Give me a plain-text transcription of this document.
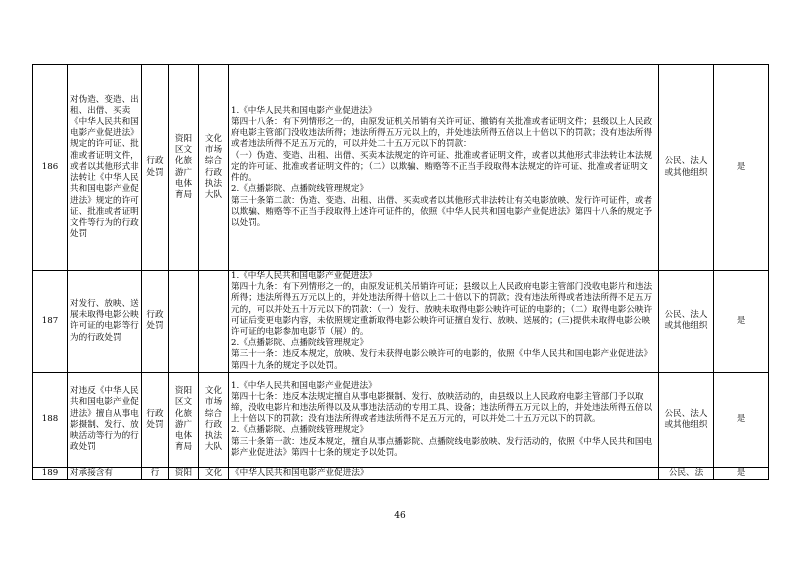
186	对伪造、变造、出租、出借、买卖《中华人民共和国电影产业促进法》规定的许可证、批准或者证明文件，或者以其他形式非法转让《中华人民共和国电影产业促进法》规定的许可证、批准或者证明文件等行为的行政处罚	行政处罚	资阳区文化旅游广电体育局	文化市场综合行政执法大队	1.《中华人民共和国电影产业促进法》
第四十八条：有下列情形之一的，由原发证机关吊销有关许可证、撤销有关批准或者证明文件；县级以上人民政府电影主管部门没收违法所得；违法所得五万元以上的，并处违法所得五倍以上十倍以下的罚款；没有违法所得或者违法所得不足五万元的，可以并处二十五万元以下的罚款：
（一）伪造、变造、出租、出借、买卖本法规定的许可证、批准或者证明文件，或者以其他形式非法转让本法规定的许可证、批准或者证明文件的；（二）以欺骗、贿赂等不正当手段取得本法规定的许可证、批准或者证明文件的。
2.《点播影院、点播院线管理规定》
第三十条第二款：伪造、变造、出租、出借、买卖或者以其他形式非法转让有关电影放映、发行许可证件，或者以欺骗、贿赂等不正当手段取得上述许可证件的，依照《中华人民共和国电影产业促进法》第四十八条的规定予以处罚。	公民、法人或其他组织	是
187	对发行、放映、送展未取得电影公映许可证的电影等行为的行政处罚	行政处罚			1.《中华人民共和国电影产业促进法》
第四十九条：有下列情形之一的，由原发证机关吊销许可证；县级以上人民政府电影主管部门没收电影片和违法所得；违法所得五万元以上的，并处违法所得十倍以上二十倍以下的罚款；没有违法所得或者违法所得不足五万元的，可以并处五十万元以下的罚款：（一）发行、放映未取得电影公映许可证的电影的；（二）取得电影公映许可证后变更电影内容，未依照规定重新取得电影公映许可证擅自发行、放映、送展的；(三)提供未取得电影公映许可证的电影参加电影节（展）的。
2.《点播影院、点播院线管理规定》
第三十一条：违反本规定，放映、发行未获得电影公映许可的电影的，依照《中华人民共和国电影产业促进法》第四十九条的规定予以处罚。	公民、法人或其他组织	是
188	对违反《中华人民共和国电影产业促进法》擅自从事电影摄制、发行、放映活动等行为的行政处罚	行政处罚	资阳区文化旅游广电体育局	文化市场综合行政执法大队	1.《中华人民共和国电影产业促进法》
第四十七条：违反本法规定擅自从事电影摄制、发行、放映活动的，由县级以上人民政府电影主管部门予以取缔，没收电影片和违法所得以及从事违法活动的专用工具、设备；违法所得五万元以上的，并处违法所得五倍以上十倍以下的罚款；没有违法所得或者违法所得不足五万元的，可以并处二十五万元以下的罚款。
2.《点播影院、点播院线管理规定》
第三十条第一款：违反本规定，擅自从事点播影院、点播院线电影放映、发行活动的，依照《中华人民共和国电影产业促进法》第四十七条的规定予以处罚。	公民、法人或其他组织	是
189	对承接含有	行	资阳	文化	《中华人民共和国电影产业促进法》	公民、法	是
46
